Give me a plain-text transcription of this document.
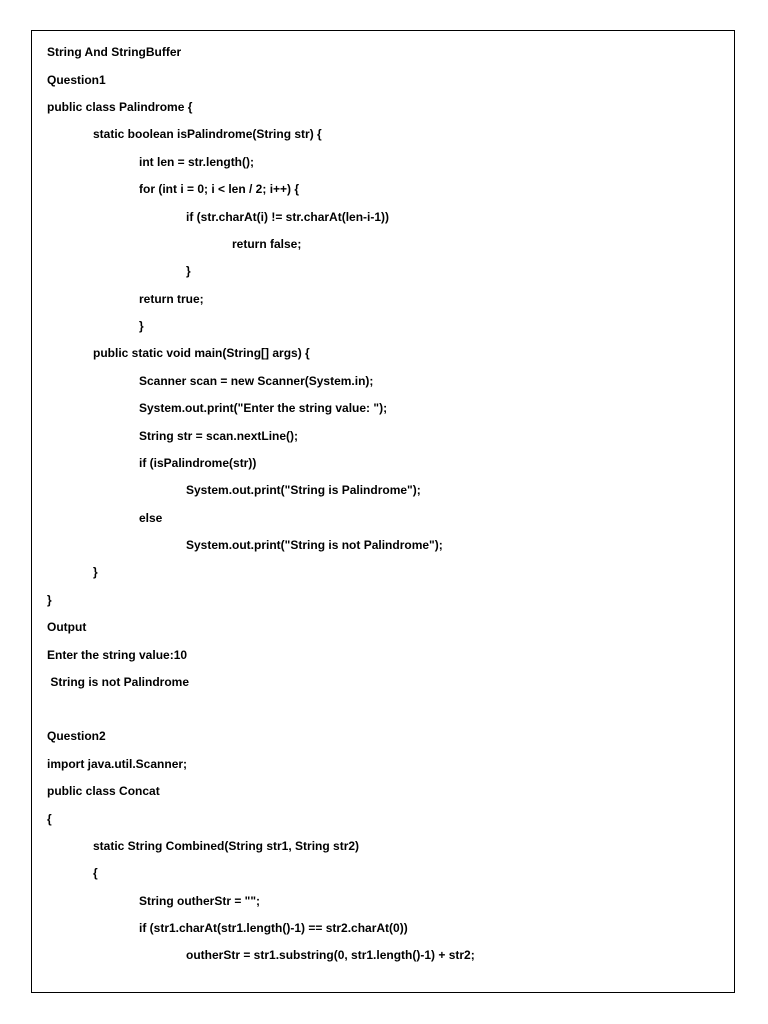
String And StringBuffer
Question1
public class Palindrome {
static boolean isPalindrome(String str) {
int len = str.length();
for (int i = 0; i < len / 2; i++) {
if (str.charAt(i) != str.charAt(len-i-1))
return false;
}
return true;
}
public static void main(String[] args) {
Scanner scan = new Scanner(System.in);
System.out.print("Enter the string value: ");
String str = scan.nextLine();
if (isPalindrome(str))
System.out.print("String is Palindrome");
else
System.out.print("String is not Palindrome");
}
}
Output
Enter the string value:10
String is not Palindrome
Question2
import java.util.Scanner;
public class Concat
{
static String Combined(String str1, String str2)
{
String outherStr = "";
if (str1.charAt(str1.length()-1) == str2.charAt(0))
outherStr = str1.substring(0, str1.length()-1) + str2;
